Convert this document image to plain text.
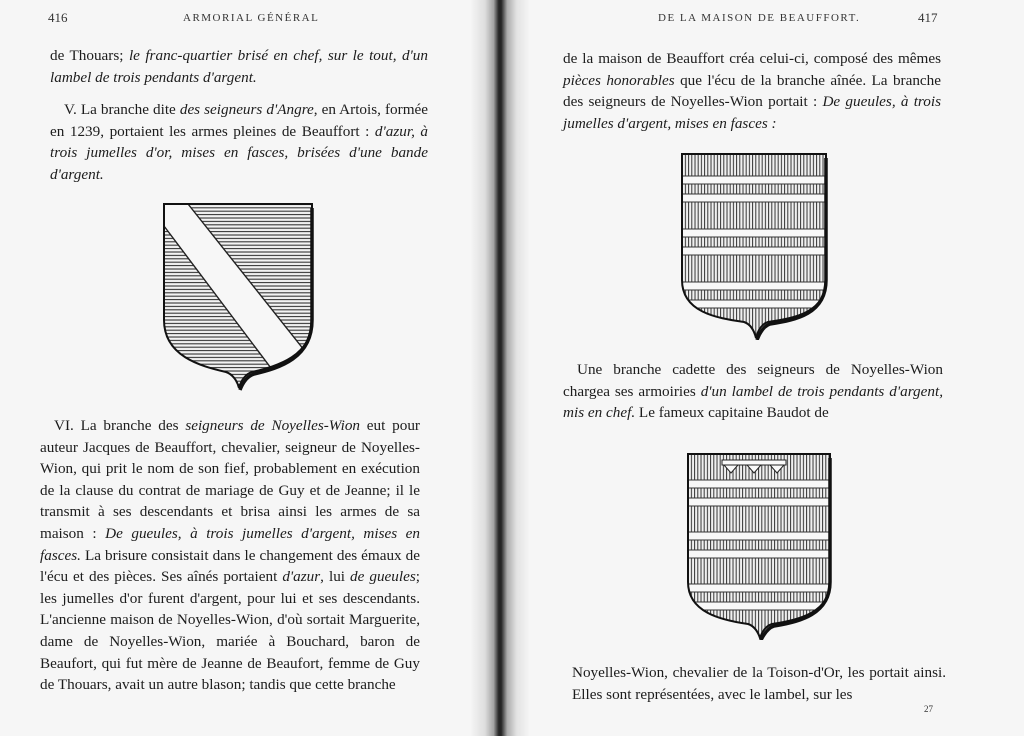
416	ARMORIAL GÉNÉRAL

de Thouars; le franc-quartier brisé en chef, sur le tout, d'un lambel de trois pendants d'argent.

V. La branche dite des seigneurs d'Angre, en Artois, formée en 1239, portaient les armes pleines de Beauffort : d'azur, à trois jumelles d'or, mises en fasces, brisées d'une bande d'argent.

VI. La branche des seigneurs de Noyelles-Wion eut pour auteur Jacques de Beauffort, chevalier, seigneur de Noyelles-Wion, qui prit le nom de son fief, probablement en exécution de la clause du contrat de mariage de Guy et de Jeanne; il le transmit à ses descendants et brisa ainsi les armes de sa maison : De gueules, à trois jumelles d'argent, mises en fasces. La brisure consistait dans le changement des émaux de l'écu et des pièces. Ses aînés portaient d'azur, lui de gueules; les jumelles d'or furent d'argent, pour lui et ses descendants. L'ancienne maison de Noyelles-Wion, d'où sortait Marguerite, dame de Noyelles-Wion, mariée à Bouchard, baron de Beaufort, qui fut mère de Jeanne de Beaufort, femme de Guy de Thouars, avait un autre blason; tandis que cette branche

DE LA MAISON DE BEAUFFORT.	417

de la maison de Beauffort créa celui-ci, composé des mêmes pièces honorables que l'écu de la branche aînée. La branche des seigneurs de Noyelles-Wion portait : De gueules, à trois jumelles d'argent, mises en fasces :

Une branche cadette des seigneurs de Noyelles-Wion chargea ses armoiries d'un lambel de trois pendants d'argent, mis en chef. Le fameux capitaine Baudot de

Noyelles-Wion, chevalier de la Toison-d'Or, les portait ainsi. Elles sont représentées, avec le lambel, sur les

27
